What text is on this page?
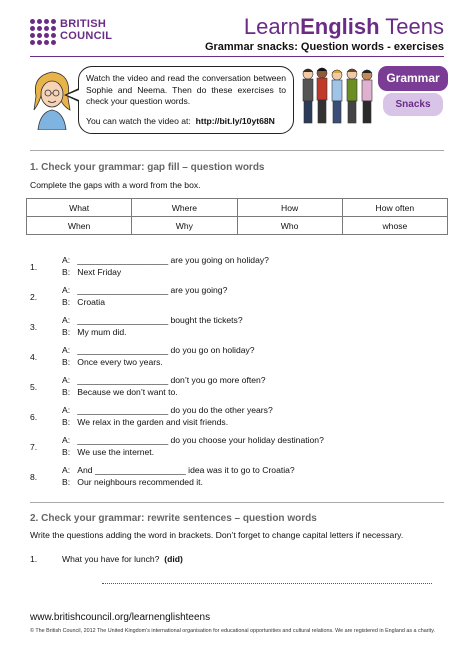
BRITISH
COUNCIL	LearnEnglish Teens
Grammar snacks: Question words - exercises
Watch the video and read the conversation between Sophie and Neema. Then do these exercises to check your question words.
You can watch the video at: http://bit.ly/10yt68N
Grammar
Snacks
1. Check your grammar: gap fill – question words
Complete the gaps with a word from the box.
What	Where	How	How often
When	Why	Who	whose
1.
A: ___________________ are you going on holiday?
B: Next Friday
2.
A: ___________________ are you going?
B: Croatia
3.
A: ___________________ bought the tickets?
B: My mum did.
4.
A: ___________________ do you go on holiday?
B: Once every two years.
5.
A: ___________________ don’t you go more often?
B: Because we don’t want to.
6.
A: ___________________ do you do the other years?
B: We relax in the garden and visit friends.
7.
A: ___________________ do you choose your holiday destination?
B: We use the internet.
8.
A: And ___________________ idea was it to go to Croatia?
B: Our neighbours recommended it.
2. Check your grammar: rewrite sentences – question words
Write the questions adding the word in brackets. Don’t forget to change capital letters if necessary.
1.	What you have for lunch? (did)
www.britishcouncil.org/learnenglishteens
© The British Council, 2012 The United Kingdom’s international organisation for educational opportunities and cultural relations. We are registered in England as a charity.
